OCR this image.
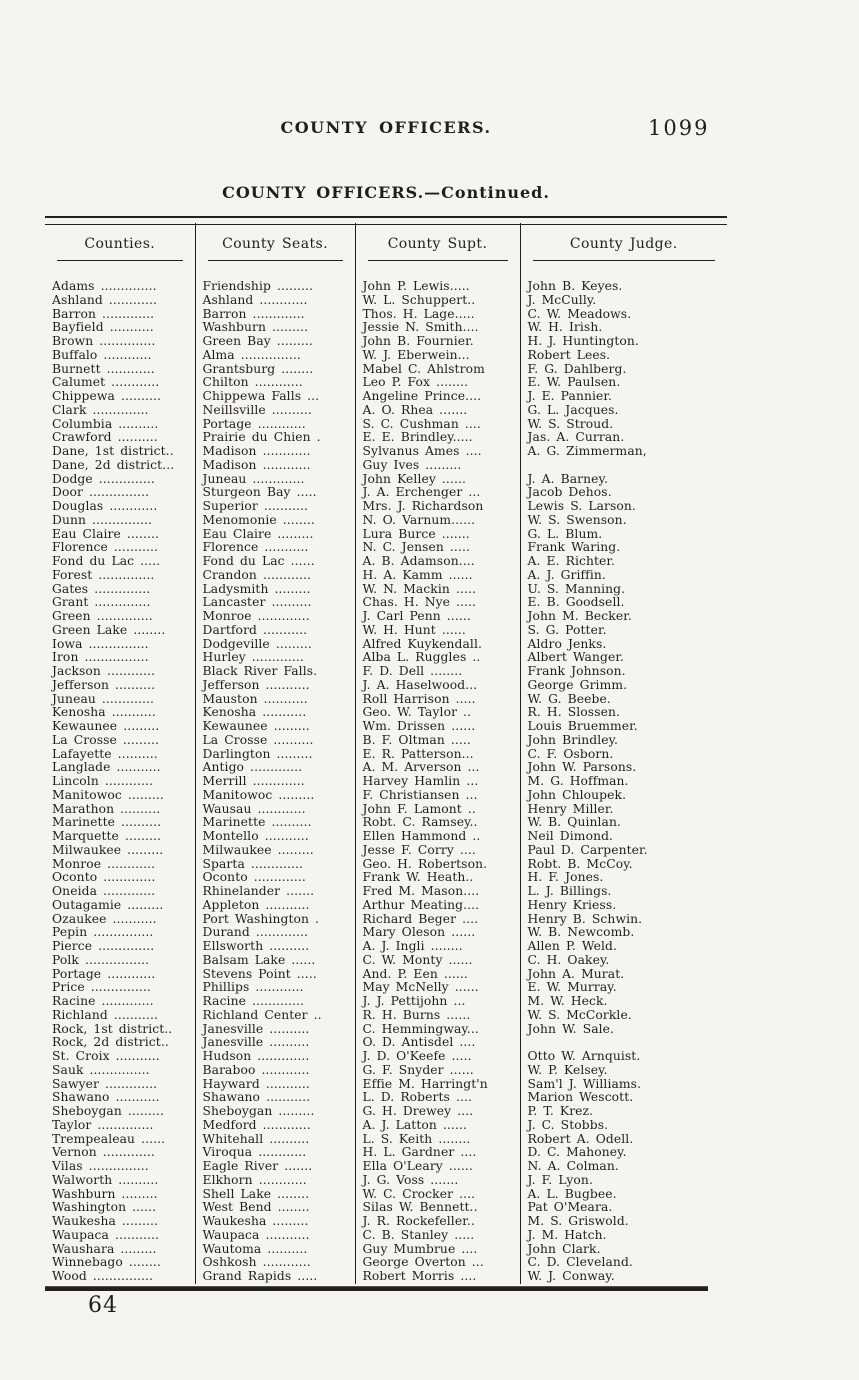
COUNTY OFFICERS.	1099
COUNTY OFFICERS.—Continued.
Counties.	County Seats.	County Supt.	County Judge.

Adams ..............	Friendship .........	John P. Lewis.....	John B. Keyes.
Ashland ............	Ashland ............	W. L. Schuppert..	J. McCully.
Barron .............	Barron .............	Thos. H. Lage.....	C. W. Meadows.
Bayfield ...........	Washburn .........	Jessie N. Smith....	W. H. Irish.
Brown ..............	Green Bay .........	John B. Fournier.	H. J. Huntington.
Buffalo ............	Alma ...............	W. J. Eberwein...	Robert Lees.
Burnett ............	Grantsburg ........	Mabel C. Ahlstrom	F. G. Dahlberg.
Calumet ............	Chilton ............	Leo P. Fox ........	E. W. Paulsen.
Chippewa ..........	Chippewa Falls ...	Angeline Prince....	J. E. Pannier.
Clark ..............	Neillsville ..........	A. O. Rhea .......	G. L. Jacques.
Columbia ..........	Portage ............	S. C. Cushman ....	W. S. Stroud.
Crawford ..........	Prairie du Chien .	E. E. Brindley.....	Jas. A. Curran.
Dane, 1st district..	Madison ............	Sylvanus Ames ....	A. G. Zimmerman,
Dane, 2d district...	Madison ............	Guy Ives .........	
Dodge ..............	Juneau .............	John Kelley ......	J. A. Barney.
Door ...............	Sturgeon Bay .....	J. A. Erchenger ...	Jacob Dehos.
Douglas ............	Superior ...........	Mrs. J. Richardson	Lewis S. Larson.
Dunn ...............	Menomonie ........	N. O. Varnum......	W. S. Swenson.
Eau Claire ........	Eau Claire .........	Lura Burce .......	G. L. Blum.
Florence ...........	Florence ...........	N. C. Jensen .....	Frank Waring.
Fond du Lac .....	Fond du Lac ......	A. B. Adamson....	A. E. Richter.
Forest ..............	Crandon ............	H. A. Kamm ......	A. J. Griffin.
Gates ..............	Ladysmith .........	W. N. Mackin .....	U. S. Manning.
Grant ..............	Lancaster ..........	Chas. H. Nye .....	E. B. Goodsell.
Green ..............	Monroe .............	J. Carl Penn ......	John M. Becker.
Green Lake ........	Dartford ...........	W. H. Hunt ......	S. G. Potter.
Iowa ...............	Dodgeville .........	Alfred Kuykendall.	Aldro Jenks.
Iron ................	Hurley .............	Alba L. Ruggles ..	Albert Wanger.
Jackson ............	Black River Falls.	F. D. Dell ........	Frank Johnson.
Jefferson ..........	Jefferson ...........	J. A. Haselwood...	George Grimm.
Juneau .............	Mauston ...........	Roll Harrison .....	W. G. Beebe.
Kenosha ...........	Kenosha ...........	Geo. W. Taylor ..	R. H. Slossen.
Kewaunee .........	Kewaunee .........	Wm. Drissen ......	Louis Bruemmer.
La Crosse .........	La Crosse ..........	B. F. Oltman .....	John Brindley.
Lafayette ..........	Darlington .........	E. R. Patterson...	C. F. Osborn.
Langlade ...........	Antigo .............	A. M. Arverson ...	John W. Parsons.
Lincoln ............	Merrill .............	Harvey Hamlin ...	M. G. Hoffman.
Manitowoc .........	Manitowoc .........	F. Christiansen ...	John Chloupek.
Marathon ..........	Wausau ............	John F. Lamont ..	Henry Miller.
Marinette ..........	Marinette ..........	Robt. C. Ramsey..	W. B. Quinlan.
Marquette .........	Montello ...........	Ellen Hammond ..	Neil Dimond.
Milwaukee .........	Milwaukee .........	Jesse F. Corry ....	Paul D. Carpenter.
Monroe ............	Sparta .............	Geo. H. Robertson.	Robt. B. McCoy.
Oconto .............	Oconto .............	Frank W. Heath..	H. F. Jones.
Oneida .............	Rhinelander .......	Fred M. Mason....	L. J. Billings.
Outagamie .........	Appleton ...........	Arthur Meating....	Henry Kriess.
Ozaukee ...........	Port Washington .	Richard Beger ....	Henry B. Schwin.
Pepin ...............	Durand .............	Mary Oleson ......	W. B. Newcomb.
Pierce ..............	Ellsworth ..........	A. J. Ingli ........	Allen P. Weld.
Polk ................	Balsam Lake ......	C. W. Monty ......	C. H. Oakey.
Portage ............	Stevens Point .....	And. P. Een ......	John A. Murat.
Price ...............	Phillips ............	May McNelly ......	E. W. Murray.
Racine .............	Racine .............	J. J. Pettijohn ...	M. W. Heck.
Richland ...........	Richland Center ..	R. H. Burns ......	W. S. McCorkle.
Rock, 1st district..	Janesville ..........	C. Hemmingway...	John W. Sale.
Rock, 2d district..	Janesville ..........	O. D. Antisdel ....	
St. Croix ...........	Hudson .............	J. D. O'Keefe .....	Otto W. Arnquist.
Sauk ...............	Baraboo ............	G. F. Snyder ......	W. P. Kelsey.
Sawyer .............	Hayward ...........	Effie M. Harringt'n	Sam'l J. Williams.
Shawano ...........	Shawano ...........	L. D. Roberts ....	Marion Wescott.
Sheboygan .........	Sheboygan .........	G. H. Drewey ....	P. T. Krez.
Taylor ..............	Medford ............	A. J. Latton ......	J. C. Stobbs.
Trempealeau ......	Whitehall ..........	L. S. Keith ........	Robert A. Odell.
Vernon .............	Viroqua ............	H. L. Gardner ....	D. C. Mahoney.
Vilas ...............	Eagle River .......	Ella O'Leary ......	N. A. Colman.
Walworth ..........	Elkhorn ............	J. G. Voss .......	J. F. Lyon.
Washburn .........	Shell Lake ........	W. C. Crocker ....	A. L. Bugbee.
Washington ......	West Bend ........	Silas W. Bennett..	Pat O'Meara.
Waukesha .........	Waukesha .........	J. R. Rockefeller..	M. S. Griswold.
Waupaca ...........	Waupaca ...........	C. B. Stanley .....	J. M. Hatch.
Waushara .........	Wautoma ..........	Guy Mumbrue ....	John Clark.
Winnebago ........	Oshkosh ............	George Overton ...	C. D. Cleveland.
Wood ...............	Grand Rapids .....	Robert Morris ....	W. J. Conway.
64
